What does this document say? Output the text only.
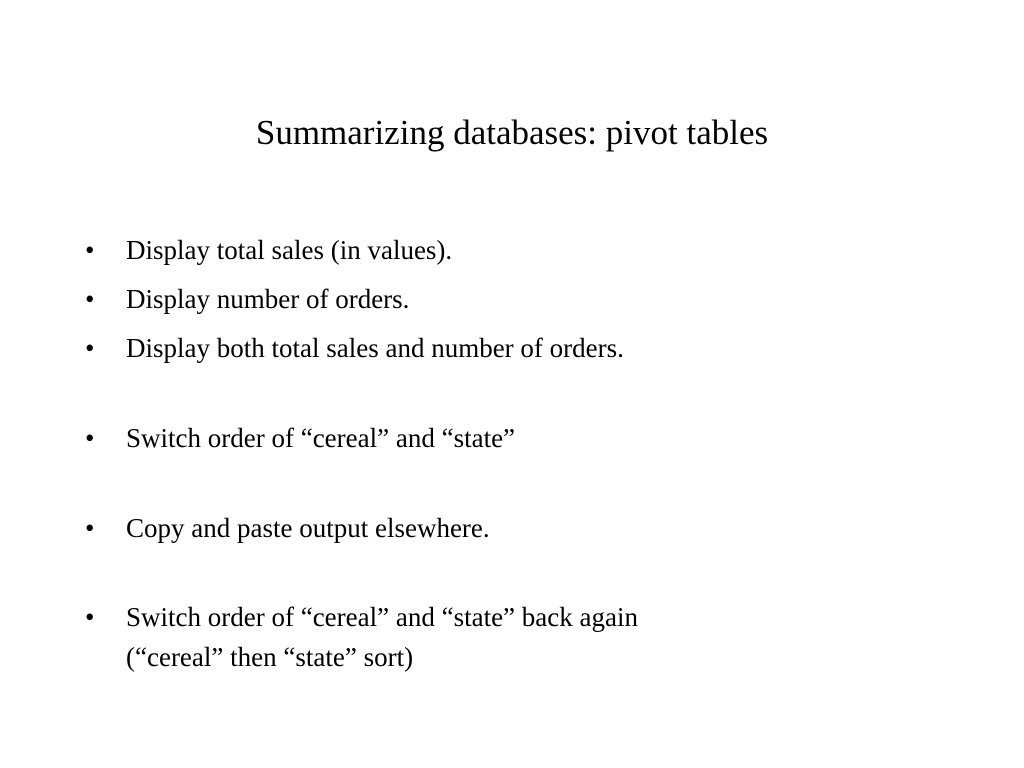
Summarizing databases: pivot tables
•	Display total sales (in values).
•	Display number of orders.
•	Display both total sales and number of orders.
•	Switch order of “cereal” and “state”
•	Copy and paste output elsewhere.
•	Switch order of “cereal” and “state” back again
(“cereal” then “state” sort)
